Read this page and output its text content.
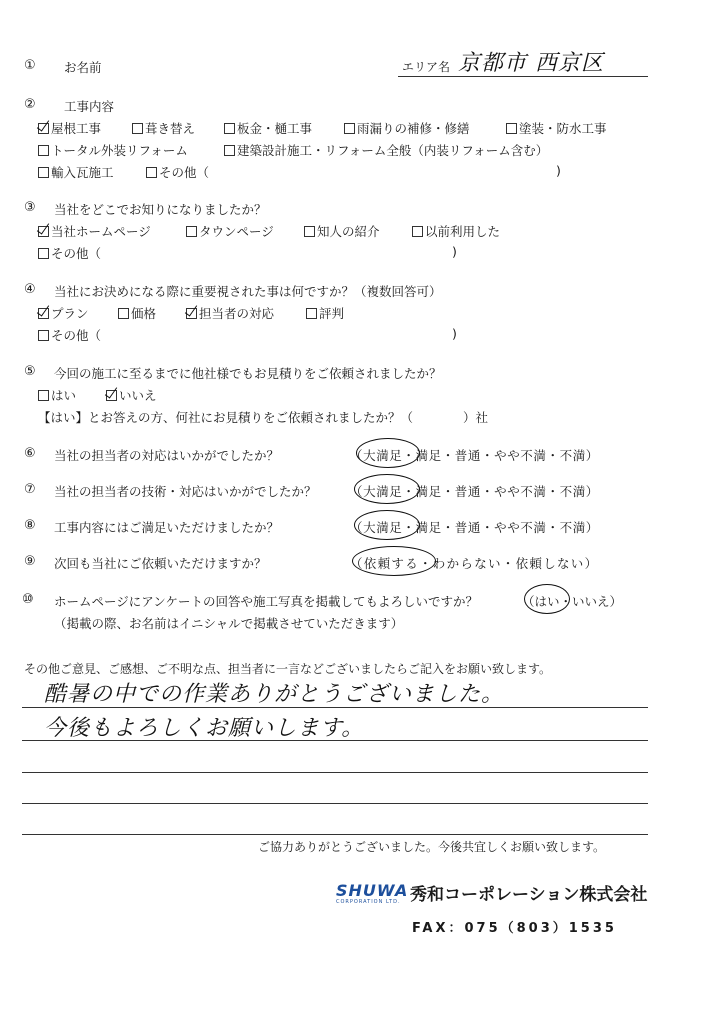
① お名前	エリア名 京都市 西京区
② 工事内容
屋根工事	葺き替え	板金・樋工事	雨漏りの補修・修繕	塗装・防水工事
トータル外装リフォーム	建築設計施工・リフォーム全般（内装リフォーム含む）
輸入瓦施工	その他（	)
③ 当社をどこでお知りになりましたか？
当社ホームページ	タウンページ	知人の紹介	以前利用した
その他（	)
④ 当社にお決めになる際に重要視された事は何ですか？（複数回答可）
プラン	価格	担当者の対応	評判
その他（	)
⑤ 今回の施工に至るまでに他社様でもお見積りをご依頼されましたか？
はい	いいえ
【はい】とお答えの方、何社にお見積りをご依頼されましたか？（　　　　）社
⑥ 当社の担当者の対応はいかがでしたか？	（大満足・満足・普通・やや不満・不満）
⑦ 当社の担当者の技術・対応はいかがでしたか？	（大満足・満足・普通・やや不満・不満）
⑧ 工事内容にはご満足いただけましたか？	（大満足・満足・普通・やや不満・不満）
⑨ 次回も当社にご依頼いただけますか？	（依頼する・わからない・依頼しない）
⑩ ホームページにアンケートの回答や施工写真を掲載してもよろしいですか？	（はい・いいえ）
（掲載の際、お名前はイニシャルで掲載させていただきます）
その他ご意見、ご感想、ご不明な点、担当者に一言などございましたらご記入をお願い致します。
酷暑の中での作業ありがとうございました。
今後もよろしくお願いします。
ご協力ありがとうございました。今後共宜しくお願い致します。
SHUWA
CORPORATION LTD. 秀和コーポレーション株式会社
FAX：075（803）1535
